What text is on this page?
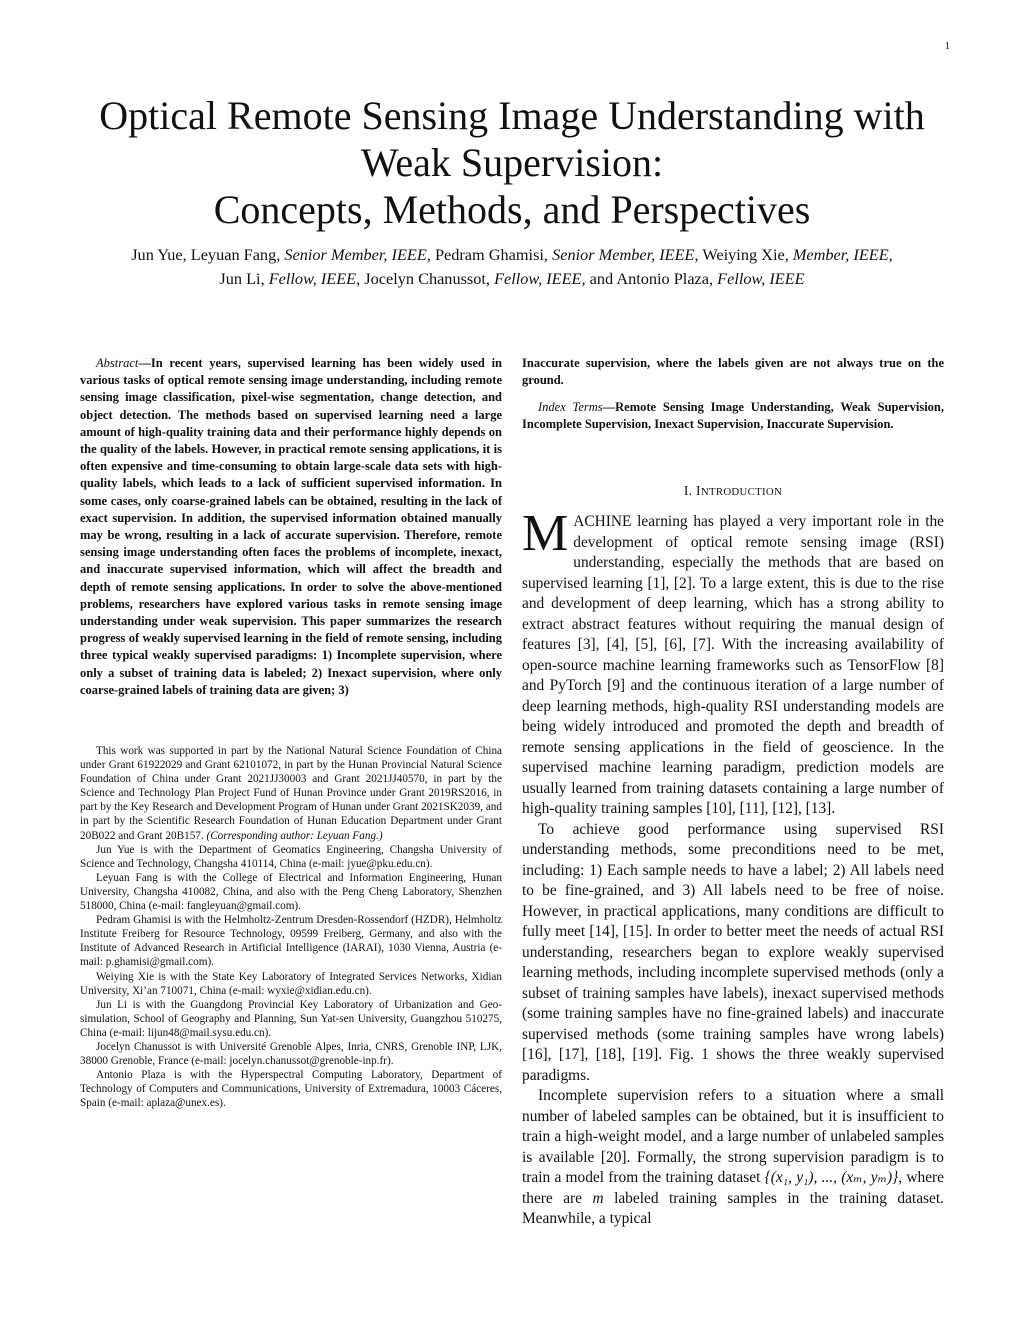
1
Optical Remote Sensing Image Understanding with
Weak Supervision:
Concepts, Methods, and Perspectives
Jun Yue, Leyuan Fang, Senior Member, IEEE, Pedram Ghamisi, Senior Member, IEEE, Weiying Xie, Member, IEEE,
Jun Li, Fellow, IEEE, Jocelyn Chanussot, Fellow, IEEE, and Antonio Plaza, Fellow, IEEE
Abstract—In recent years, supervised learning has been widely used in various tasks of optical remote sensing image understanding, including remote sensing image classification, pixel-wise segmentation, change detection, and object detection. The methods based on supervised learning need a large amount of high-quality training data and their performance highly depends on the quality of the labels. However, in practical remote sensing applications, it is often expensive and time-consuming to obtain large-scale data sets with high-quality labels, which leads to a lack of sufficient supervised information. In some cases, only coarse-grained labels can be obtained, resulting in the lack of exact supervision. In addition, the supervised information obtained manually may be wrong, resulting in a lack of accurate supervision. Therefore, remote sensing image understanding often faces the problems of incomplete, inexact, and inaccurate supervised information, which will affect the breadth and depth of remote sensing applications. In order to solve the above-mentioned problems, researchers have explored various tasks in remote sensing image understanding under weak supervision. This paper summarizes the research progress of weakly supervised learning in the field of remote sensing, including three typical weakly supervised paradigms: 1) Incomplete supervision, where only a subset of training data is labeled; 2) Inexact supervision, where only coarse-grained labels of training data are given; 3)

This work was supported in part by the National Natural Science Foundation of China under Grant 61922029 and Grant 62101072, in part by the Hunan Provincial Natural Science Foundation of China under Grant 2021JJ30003 and Grant 2021JJ40570, in part by the Science and Technology Plan Project Fund of Hunan Province under Grant 2019RS2016, in part by the Key Research and Development Program of Hunan under Grant 2021SK2039, and in part by the Scientific Research Foundation of Hunan Education Department under Grant 20B022 and Grant 20B157. (Corresponding author: Leyuan Fang.)

Jun Yue is with the Department of Geomatics Engineering, Changsha University of Science and Technology, Changsha 410114, China (e-mail: jyue@pku.edu.cn).

Leyuan Fang is with the College of Electrical and Information Engineering, Hunan University, Changsha 410082, China, and also with the Peng Cheng Laboratory, Shenzhen 518000, China (e-mail: fangleyuan@gmail.com).

Pedram Ghamisi is with the Helmholtz-Zentrum Dresden-Rossendorf (HZDR), Helmholtz Institute Freiberg for Resource Technology, 09599 Freiberg, Germany, and also with the Institute of Advanced Research in Artificial Intelligence (IARAI), 1030 Vienna, Austria (e-mail: p.ghamisi@gmail.com).

Weiying Xie is with the State Key Laboratory of Integrated Services Networks, Xidian University, Xi’an 710071, China (e-mail: wyxie@xidian.edu.cn).

Jun Li is with the Guangdong Provincial Key Laboratory of Urbanization and Geo-simulation, School of Geography and Planning, Sun Yat-sen University, Guangzhou 510275, China (e-mail: lijun48@mail.sysu.edu.cn).

Jocelyn Chanussot is with Université Grenoble Alpes, Inria, CNRS, Grenoble INP, LJK, 38000 Grenoble, France (e-mail: jocelyn.chanussot@grenoble-inp.fr).

Antonio Plaza is with the Hyperspectral Computing Laboratory, Department of Technology of Computers and Communications, University of Extremadura, 10003 Cáceres, Spain (e-mail: aplaza@unex.es).

Inaccurate supervision, where the labels given are not always true on the ground.
Index Terms—Remote Sensing Image Understanding, Weak Supervision, Incomplete Supervision, Inexact Supervision, Inaccurate Supervision.
I. INTRODUCTION

MACHINE learning has played a very important role in the development of optical remote sensing image (RSI) understanding, especially the methods that are based on supervised learning [1], [2]. To a large extent, this is due to the rise and development of deep learning, which has a strong ability to extract abstract features without requiring the manual design of features [3], [4], [5], [6], [7]. With the increasing availability of open-source machine learning frameworks such as TensorFlow [8] and PyTorch [9] and the continuous iteration of a large number of deep learning methods, high-quality RSI understanding models are being widely introduced and promoted the depth and breadth of remote sensing applications in the field of geoscience. In the supervised machine learning paradigm, prediction models are usually learned from training datasets containing a large number of high-quality training samples [10], [11], [12], [13].

To achieve good performance using supervised RSI understanding methods, some preconditions need to be met, including: 1) Each sample needs to have a label; 2) All labels need to be fine-grained, and 3) All labels need to be free of noise. However, in practical applications, many conditions are difficult to fully meet [14], [15]. In order to better meet the needs of actual RSI understanding, researchers began to explore weakly supervised learning methods, including incomplete supervised methods (only a subset of training samples have labels), inexact supervised methods (some training samples have no fine-grained labels) and inaccurate supervised methods (some training samples have wrong labels) [16], [17], [18], [19]. Fig. 1 shows the three weakly supervised paradigms.

Incomplete supervision refers to a situation where a small number of labeled samples can be obtained, but it is insufficient to train a high-weight model, and a large number of unlabeled samples is available [20]. Formally, the strong supervision paradigm is to train a model from the training dataset {(x₁, y₁), ..., (xₘ, yₘ)}, where there are m labeled training samples in the training dataset. Meanwhile, a typical
